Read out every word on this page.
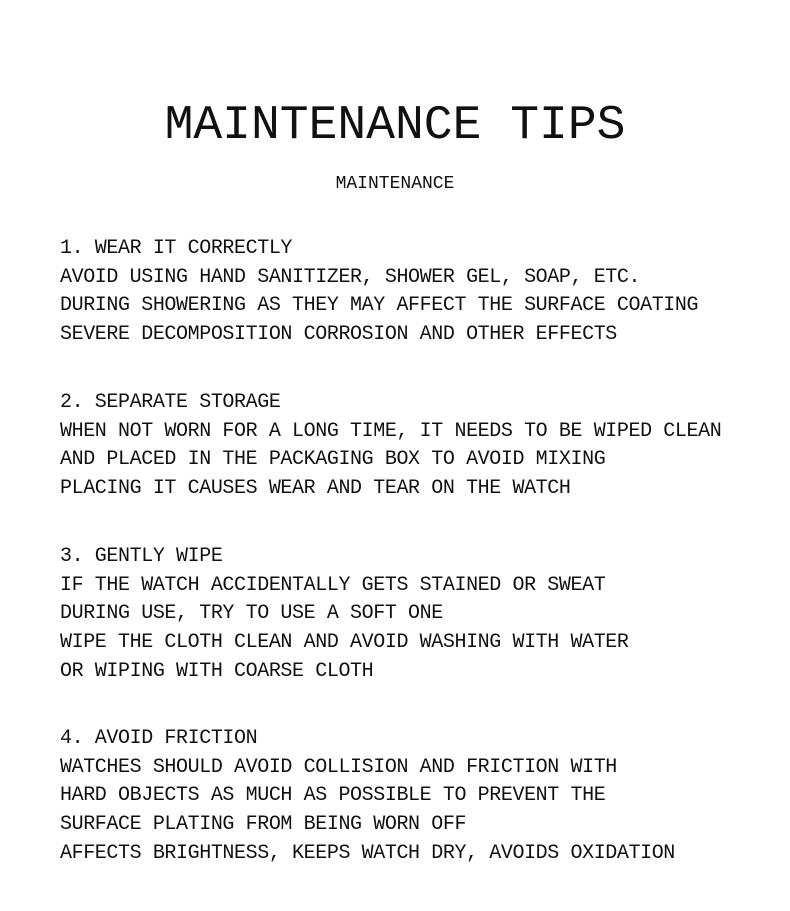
MAINTENANCE TIPS
MAINTENANCE
1. WEAR IT CORRECTLY
AVOID USING HAND SANITIZER, SHOWER GEL, SOAP, ETC.
DURING SHOWERING AS THEY MAY AFFECT THE SURFACE COATING
SEVERE DECOMPOSITION CORROSION AND OTHER EFFECTS
2. SEPARATE STORAGE
WHEN NOT WORN FOR A LONG TIME, IT NEEDS TO BE WIPED CLEAN
AND PLACED IN THE PACKAGING BOX TO AVOID MIXING
PLACING IT CAUSES WEAR AND TEAR ON THE WATCH
3. GENTLY WIPE
IF THE WATCH ACCIDENTALLY GETS STAINED OR SWEAT
DURING USE, TRY TO USE A SOFT ONE
WIPE THE CLOTH CLEAN AND AVOID WASHING WITH WATER
OR WIPING WITH COARSE CLOTH
4. AVOID FRICTION
WATCHES SHOULD AVOID COLLISION AND FRICTION WITH
HARD OBJECTS AS MUCH AS POSSIBLE TO PREVENT THE
SURFACE PLATING FROM BEING WORN OFF
AFFECTS BRIGHTNESS, KEEPS WATCH DRY, AVOIDS OXIDATION
